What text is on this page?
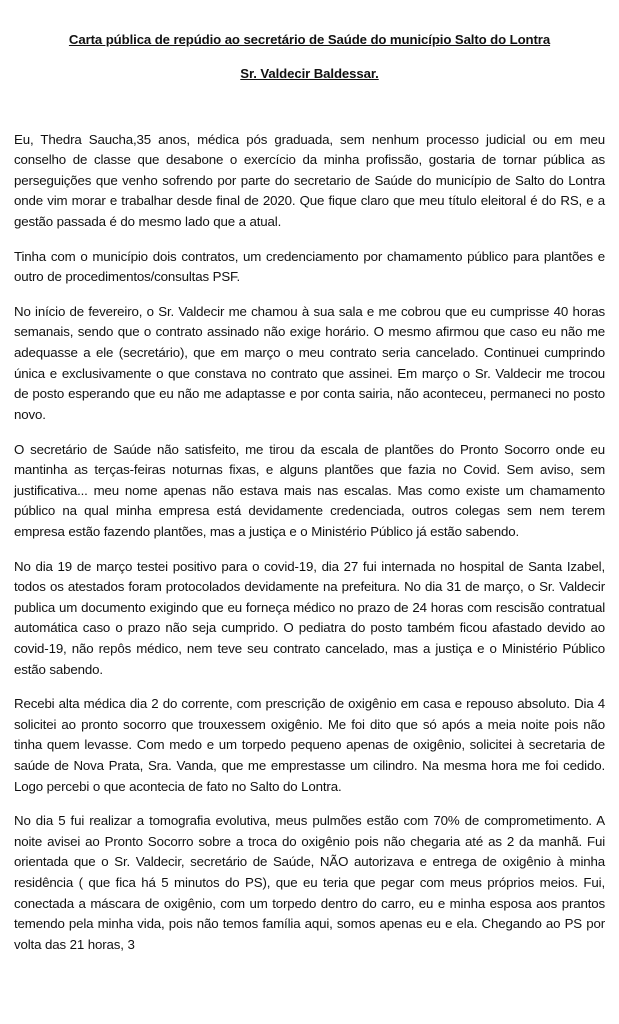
Carta pública de repúdio ao secretário de Saúde do município Salto do Lontra
Sr. Valdecir Baldessar.

Eu, Thedra Saucha,35 anos, médica pós graduada, sem nenhum processo judicial ou em meu conselho de classe que desabone o exercício da minha profissão, gostaria de tornar pública as perseguições que venho sofrendo por parte do secretario de Saúde do município de Salto do Lontra onde vim morar e trabalhar desde final de 2020. Que fique claro que meu título eleitoral é do RS, e a gestão passada é do mesmo lado que a atual.

Tinha com o município dois contratos, um credenciamento por chamamento público para plantões e outro de procedimentos/consultas PSF.

No início de fevereiro, o Sr. Valdecir me chamou à sua sala e me cobrou que eu cumprisse 40 horas semanais, sendo que o contrato assinado não exige horário. O mesmo afirmou que caso eu não me adequasse a ele (secretário), que em março o meu contrato seria cancelado. Continuei cumprindo única e exclusivamente o que constava no contrato que assinei. Em março o Sr. Valdecir me trocou de posto esperando que eu não me adaptasse e por conta sairia, não aconteceu, permaneci no posto novo.

O secretário de Saúde não satisfeito, me tirou da escala de plantões do Pronto Socorro onde eu mantinha as terças-feiras noturnas fixas, e alguns plantões que fazia no Covid. Sem aviso, sem justificativa... meu nome apenas não estava mais nas escalas. Mas como existe um chamamento público na qual minha empresa está devidamente credenciada, outros colegas sem nem terem empresa estão fazendo plantões, mas a justiça e o Ministério Público já estão sabendo.

No dia 19 de março testei positivo para o covid-19, dia 27 fui internada no hospital de Santa Izabel, todos os atestados foram protocolados devidamente na prefeitura. No dia 31 de março, o Sr. Valdecir publica um documento exigindo que eu forneça médico no prazo de 24 horas com rescisão contratual automática caso o prazo não seja cumprido. O pediatra do posto também ficou afastado devido ao covid-19, não repôs médico, nem teve seu contrato cancelado, mas a justiça e o Ministério Público estão sabendo.

Recebi alta médica dia 2 do corrente, com prescrição de oxigênio em casa e repouso absoluto. Dia 4 solicitei ao pronto socorro que trouxessem oxigênio. Me foi dito que só após a meia noite pois não tinha quem levasse. Com medo e um torpedo pequeno apenas de oxigênio, solicitei à secretaria de saúde de Nova Prata, Sra. Vanda, que me emprestasse um cilindro. Na mesma hora me foi cedido. Logo percebi o que acontecia de fato no Salto do Lontra.

No dia 5 fui realizar a tomografia evolutiva, meus pulmões estão com 70% de comprometimento. A noite avisei ao Pronto Socorro sobre a troca do oxigênio pois não chegaria até as 2 da manhã. Fui orientada que o Sr. Valdecir, secretário de Saúde, NÃO autorizava e entrega de oxigênio à minha residência ( que fica há 5 minutos do PS), que eu teria que pegar com meus próprios meios. Fui, conectada a máscara de oxigênio, com um torpedo dentro do carro, eu e minha esposa aos prantos temendo pela minha vida, pois não temos família aqui, somos apenas eu e ela. Chegando ao PS por volta das 21 horas, 3
